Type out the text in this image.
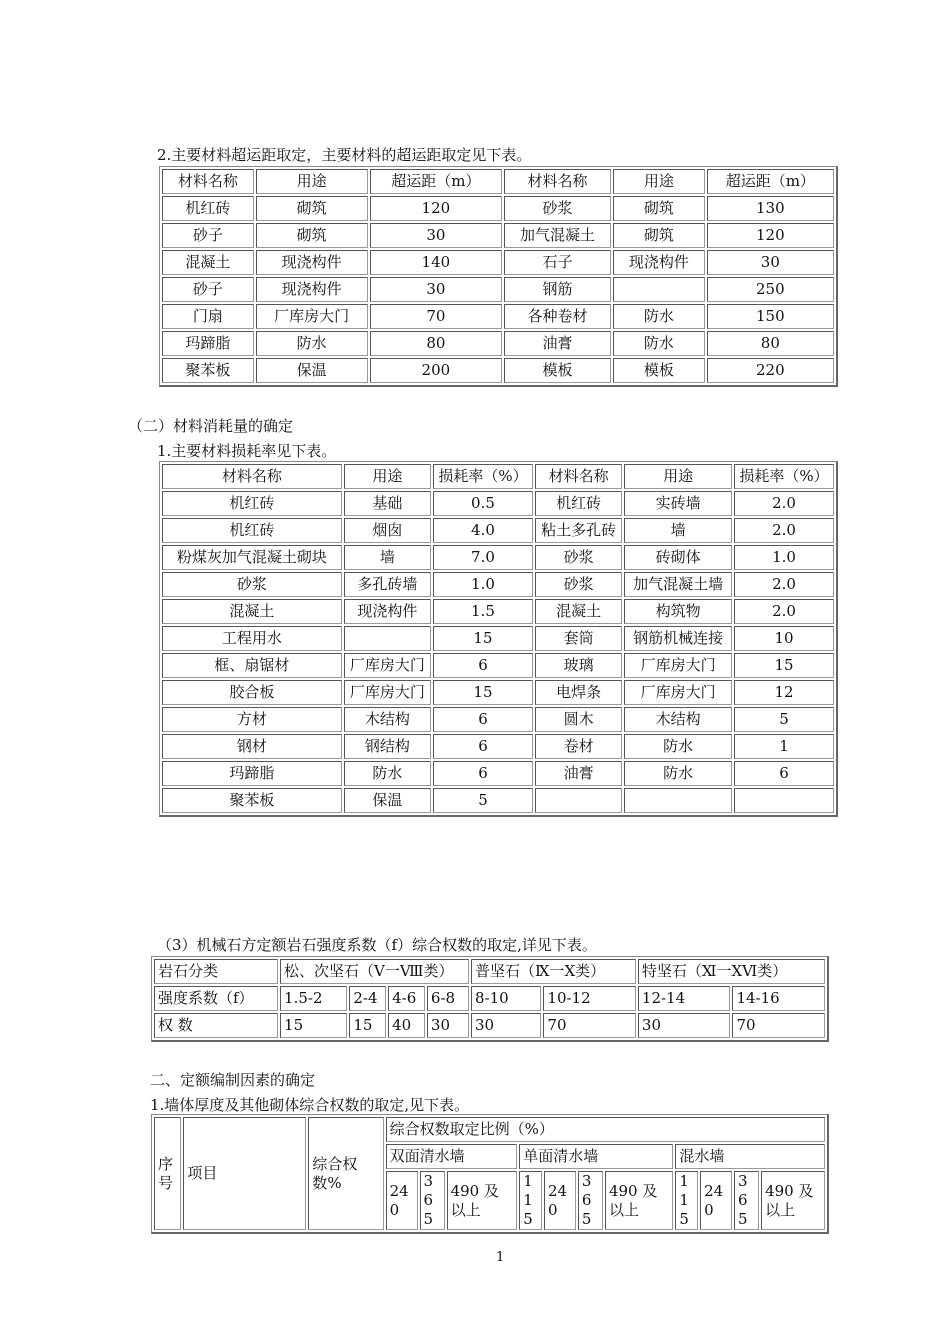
2.主要材料超运距取定，主要材料的超运距取定见下表。
材料名称	用途	超运距（m）	材料名称	用途	超运距（m）
机红砖	砌筑	120	砂浆	砌筑	130
砂子	砌筑	30	加气混凝土	砌筑	120
混凝土	现浇构件	140	石子	现浇构件	30
砂子	现浇构件	30	钢筋		250
门扇	厂库房大门	70	各种卷材	防水	150
玛蹄脂	防水	80	油膏	防水	80
聚苯板	保温	200	模板	模板	220
（二）材料消耗量的确定
1.主要材料损耗率见下表。
材料名称	用途	损耗率（%）	材料名称	用途	损耗率（%）
机红砖	基础	0.5	机红砖	实砖墙	2.0
机红砖	烟囱	4.0	粘土多孔砖	墙	2.0
粉煤灰加气混凝土砌块	墙	7.0	砂浆	砖砌体	1.0
砂浆	多孔砖墙	1.0	砂浆	加气混凝土墙	2.0
混凝土	现浇构件	1.5	混凝土	构筑物	2.0
工程用水		15	套筒	钢筋机械连接	10
框、扇锯材	厂库房大门	6	玻璃	厂库房大门	15
胶合板	厂库房大门	15	电焊条	厂库房大门	12
方材	木结构	6	圆木	木结构	5
钢材	钢结构	6	卷材	防水	1
玛蹄脂	防水	6	油膏	防水	6
聚苯板	保温	5			
（3）机械石方定额岩石强度系数（f）综合权数的取定,详见下表。
岩石分类	松、次坚石（Ⅴ一Ⅷ类）				普坚石（Ⅸ一Ⅹ类）		特坚石（Ⅺ一ⅩⅥ类）	
强度系数（f）	1.5-2	2-4	4-6	6-8	8-10	10-12	12-14	14-16
权 数	15	15	40	30	30	70	30	70
二、定额编制因素的确定
1.墙体厚度及其他砌体综合权数的取定,见下表。
序号	项目	综合权数%	综合权数取定比例（%）										
			双面清水墙			单面清水墙				混水墙			
			240	365	490 及以上	115	240	365	490 及以上	115	240	365	490 及以上
1
